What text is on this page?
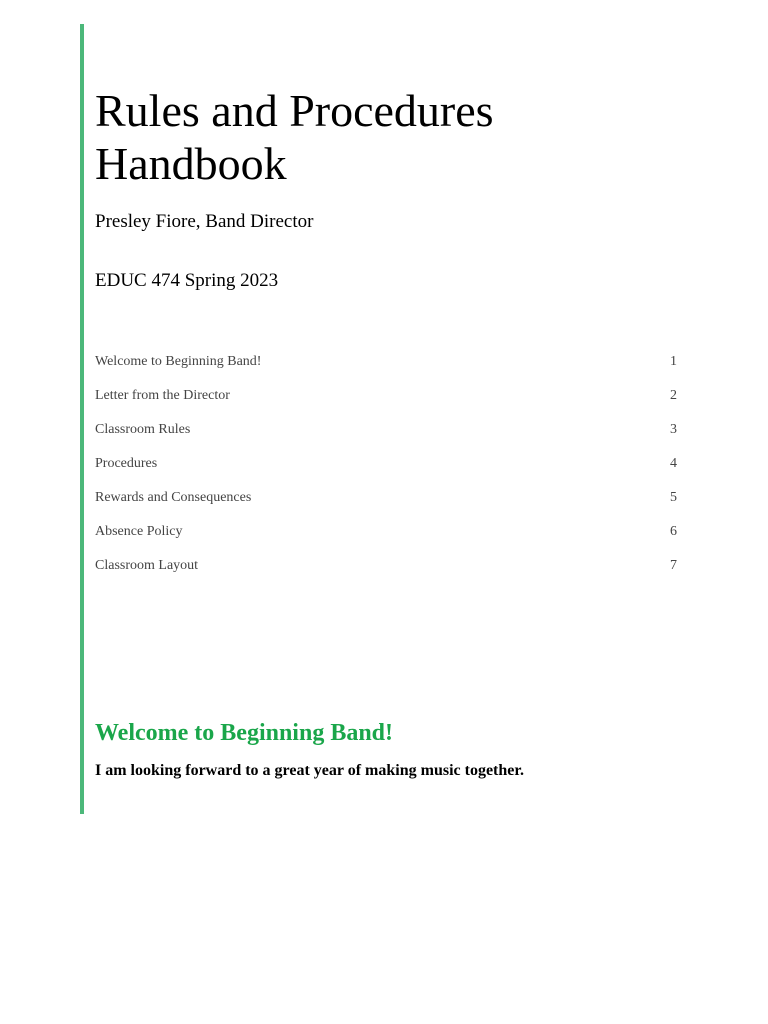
Rules and Procedures
Handbook

Presley Fiore, Band Director

EDUC 474 Spring 2023

Welcome to Beginning Band!	1
Letter from the Director	2
Classroom Rules	3
Procedures	4
Rewards and Consequences	5
Absence Policy	6
Classroom Layout	7
Welcome to Beginning Band!

I am looking forward to a great year of making music together.
